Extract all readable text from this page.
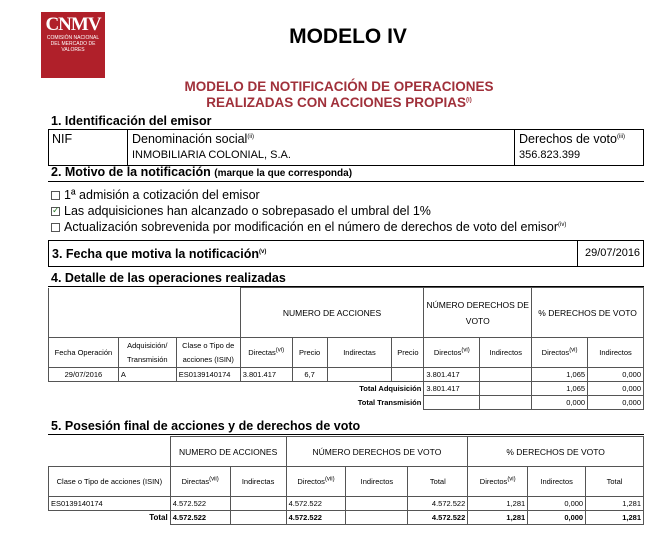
CNMV
COMISIÓN NACIONAL DEL MERCADO DE VALORES
MODELO IV
MODELO DE NOTIFICACIÓN DE OPERACIONES
REALIZADAS CON ACCIONES PROPIAS$^{(i)}$
1. Identificación del emisor
NIF	Denominación social$^{(ii)}$
INMOBILIARIA COLONIAL, S.A.
Derechos de voto$^{(iii)}$
356.823.399
2. Motivo de la notificación (marque la que corresponda)
1ª admisión a cotización del emisor
✓Las adquisiciones han alcanzado o sobrepasado el umbral del 1%
Actualización sobrevenida por modificación en el número de derechos de voto del emisor$^{(iv)}$
3. Fecha que motiva la notificación$^{(v)}$	29/07/2016
4. Detalle de las operaciones realizadas
			NUMERO DE ACCIONES				NÚMERO DERECHOS DE VOTO		% DERECHOS DE VOTO	
Fecha Operación	Adquisición/ Transmisión	Clase o Tipo de acciones (ISIN)	Directas$^{(vi)}$	Precio	Indirectas	Precio	Directos$^{(vi)}$	Indirectos	Directos$^{(vi)}$	Indirectos
29/07/2016	A	ES0139140174	3.801.417	6,7			3.801.417		1,065	0,000
Total Adquisición							3.801.417		1,065	0,000
Total Transmisión									0,000	0,000
5. Posesión final de acciones y de derechos de voto
	NUMERO DE ACCIONES		NÚMERO DERECHOS DE VOTO			% DERECHOS DE VOTO		
Clase o Tipo de acciones (ISIN)	Directas$^{(vii)}$	Indirectas	Directos$^{(vii)}$	Indirectos	Total	Directos$^{(vi)}$	Indirectos	Total
ES0139140174	4.572.522		4.572.522		4.572.522	1,281	0,000	1,281
Total	4.572.522		4.572.522		4.572.522	1,281	0,000	1,281
